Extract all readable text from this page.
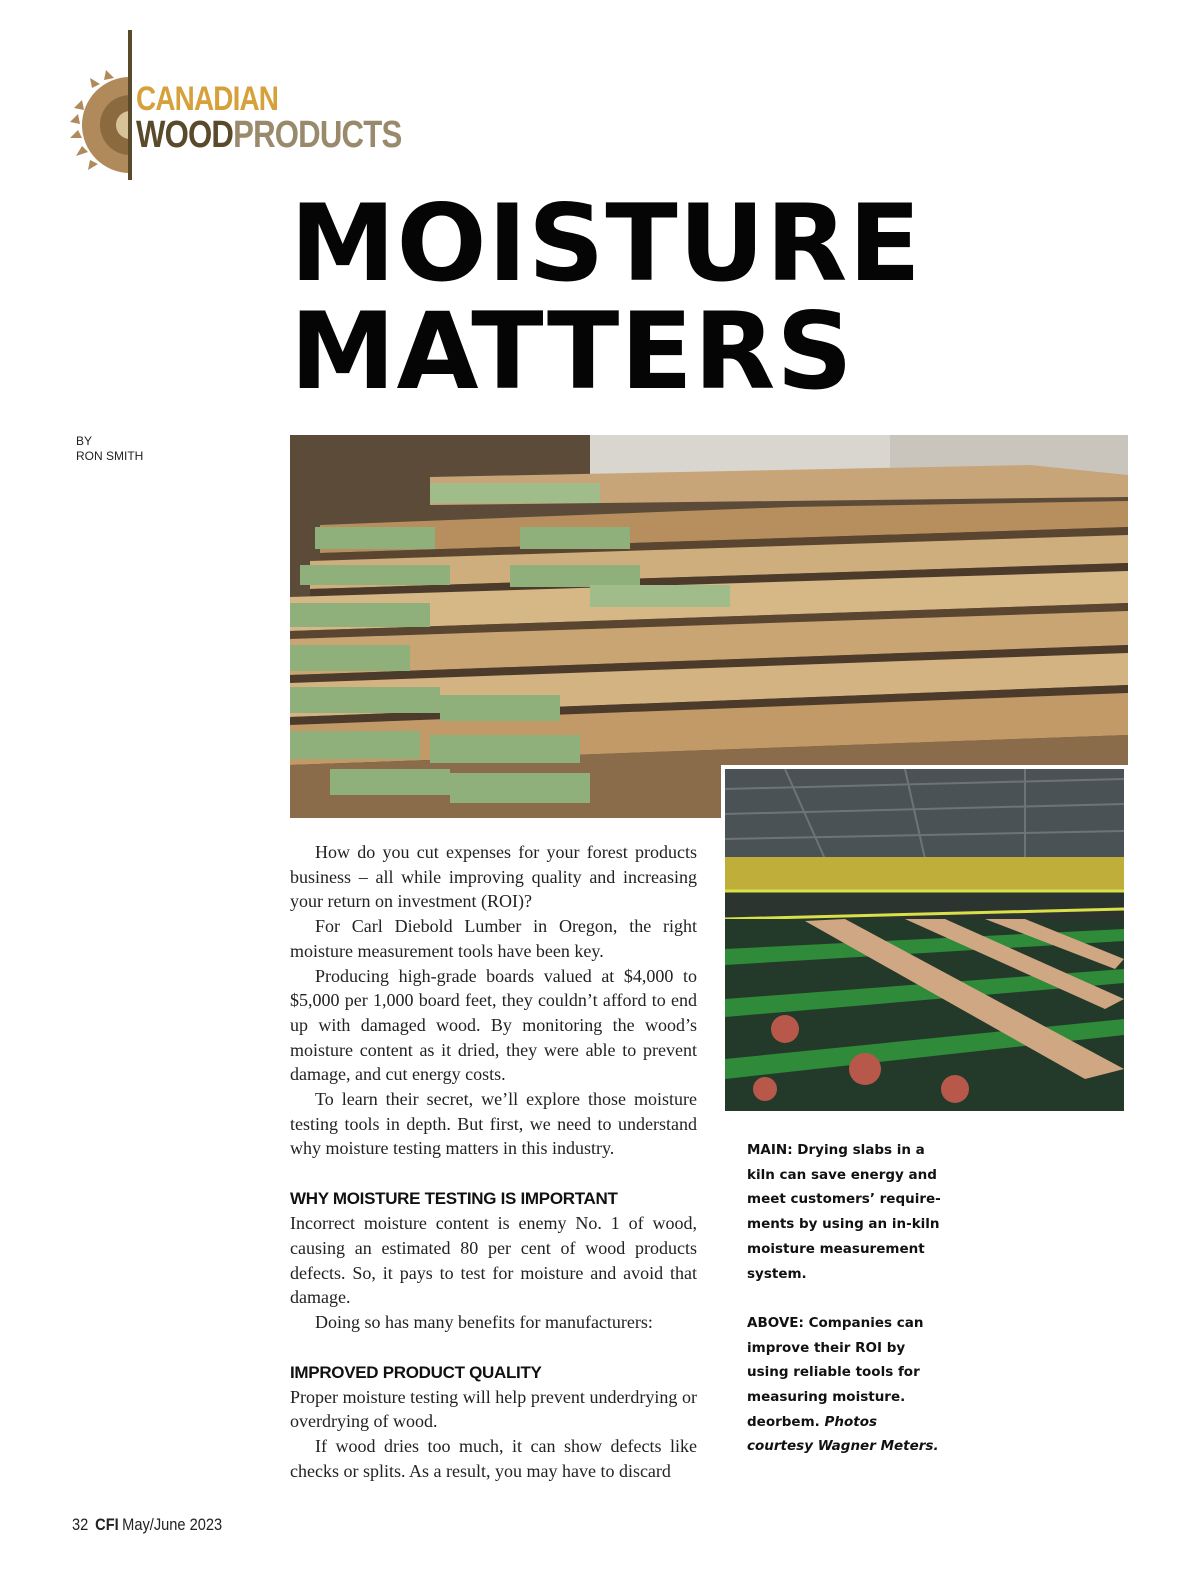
CANADIAN
WOODPRODUCTS
MOISTURE
MATTERS
BY
RON SMITH

How do you cut expenses for your forest products business – all while improving quality and increasing your return on investment (ROI)?

For Carl Diebold Lumber in Oregon, the right moisture measurement tools have been key.

Producing high-grade boards valued at $4,000 to $5,000 per 1,000 board feet, they couldn’t afford to end up with damaged wood. By monitoring the wood’s moisture content as it dried, they were able to prevent damage, and cut energy costs.

To learn their secret, we’ll explore those moisture testing tools in depth. But first, we need to understand why moisture testing matters in this industry.

WHY MOISTURE TESTING IS IMPORTANT

Incorrect moisture content is enemy No. 1 of wood, causing an estimated 80 per cent of wood products defects. So, it pays to test for moisture and avoid that damage.

Doing so has many benefits for manufacturers:

IMPROVED PRODUCT QUALITY

Proper moisture testing will help prevent underdrying or overdrying of wood.

If wood dries too much, it can show defects like checks or splits. As a result, you may have to discard

MAIN: Drying slabs in a kiln can save energy and meet customers’ require-ments by using an in-kiln moisture measurement system.

ABOVE: Companies can improve their ROI by using reliable tools for measuring moisture. deorbem. Photos courtesy Wagner Meters.

32 CFI May/June 2023
